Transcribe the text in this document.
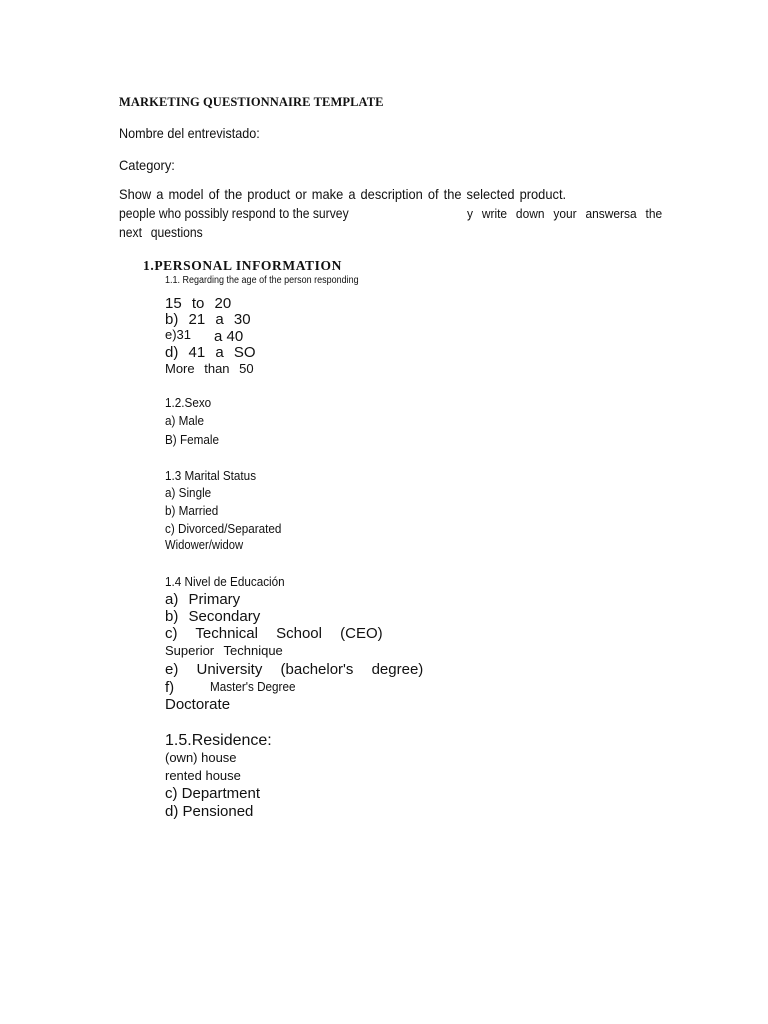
MARKETING QUESTIONNAIRE TEMPLATE
Nombre del entrevistado:
Category:
Show a model of the product or make a description of the selected product.
people who possibly respond to the survey	y write down your answersa the
next questions
1.PERSONAL INFORMATION
1.1. Regarding the age of the person responding
15 to 20
b) 21 a 30
e)31 a 40
d) 41 a SO
More than 50
1.2.Sexo
a) Male
B) Female
1.3 Marital Status
a) Single
b) Married
c) Divorced/Separated
Widower/widow
1.4 Nivel de Educación
a) Primary
b) Secondary
c) Technical School (CEO)
Superior Technique
e) University (bachelor's degree)
f)	Master's Degree
Doctorate
1.5.Residence:
(own) house
rented house
c) Department
d) Pensioned
